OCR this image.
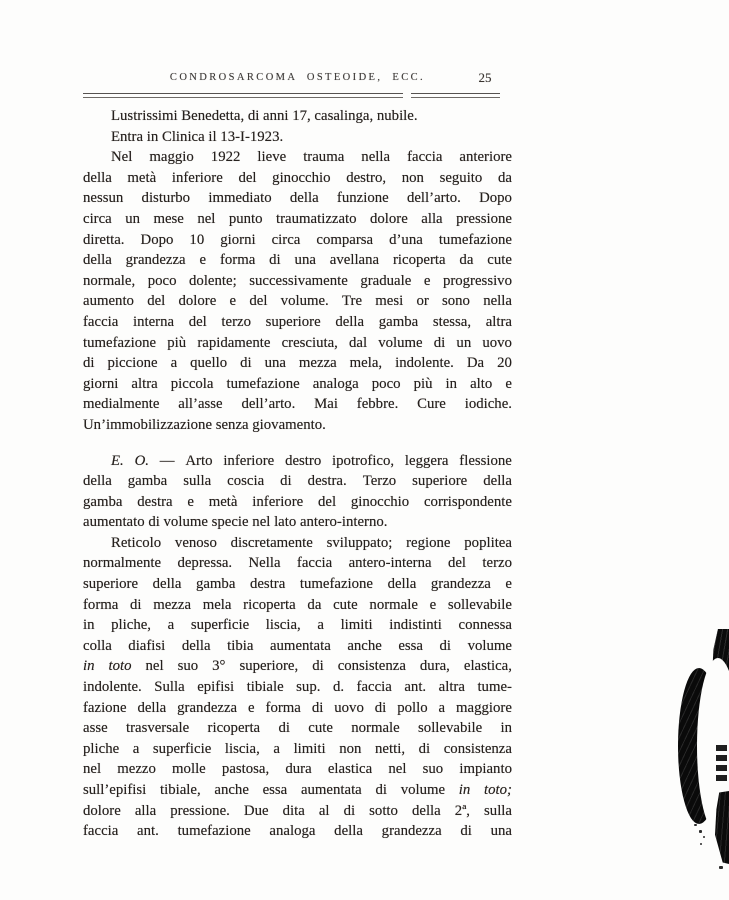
CONDROSARCOMA OSTEOIDE, ECC.	25
Lustrissimi Benedetta, di anni 17, casalinga, nubile.
Entra in Clinica il 13-I-1923.
Nel maggio 1922 lieve trauma nella faccia anteriore
della metà inferiore del ginocchio destro, non seguito da
nessun disturbo immediato della funzione dell’arto. Dopo
circa un mese nel punto traumatizzato dolore alla pressione
diretta. Dopo 10 giorni circa comparsa d’una tumefazione
della grandezza e forma di una avellana ricoperta da cute
normale, poco dolente; successivamente graduale e progressivo
aumento del dolore e del volume. Tre mesi or sono nella
faccia interna del terzo superiore della gamba stessa, altra
tumefazione più rapidamente cresciuta, dal volume di un uovo
di piccione a quello di una mezza mela, indolente. Da 20
giorni altra piccola tumefazione analoga poco più in alto e
medialmente all’asse dell’arto. Mai febbre. Cure iodiche.
Un’immobilizzazione senza giovamento.
E. O. — Arto inferiore destro ipotrofico, leggera flessione
della gamba sulla coscia di destra. Terzo superiore della
gamba destra e metà inferiore del ginocchio corrispondente
aumentato di volume specie nel lato antero-interno.
Reticolo venoso discretamente sviluppato; regione poplitea
normalmente depressa. Nella faccia antero-interna del terzo
superiore della gamba destra tumefazione della grandezza e
forma di mezza mela ricoperta da cute normale e sollevabile
in pliche, a superficie liscia, a limiti indistinti connessa
colla diafisi della tibia aumentata anche essa di volume
in toto nel suo 3° superiore, di consistenza dura, elastica,
indolente. Sulla epifisi tibiale sup. d. faccia ant. altra tume-
fazione della grandezza e forma di uovo di pollo a maggiore
asse trasversale ricoperta di cute normale sollevabile in
pliche a superficie liscia, a limiti non netti, di consistenza
nel mezzo molle pastosa, dura elastica nel suo impianto
sull’epifisi tibiale, anche essa aumentata di volume in toto;
dolore alla pressione. Due dita al di sotto della 2ª, sulla
faccia ant. tumefazione analoga della grandezza di una
